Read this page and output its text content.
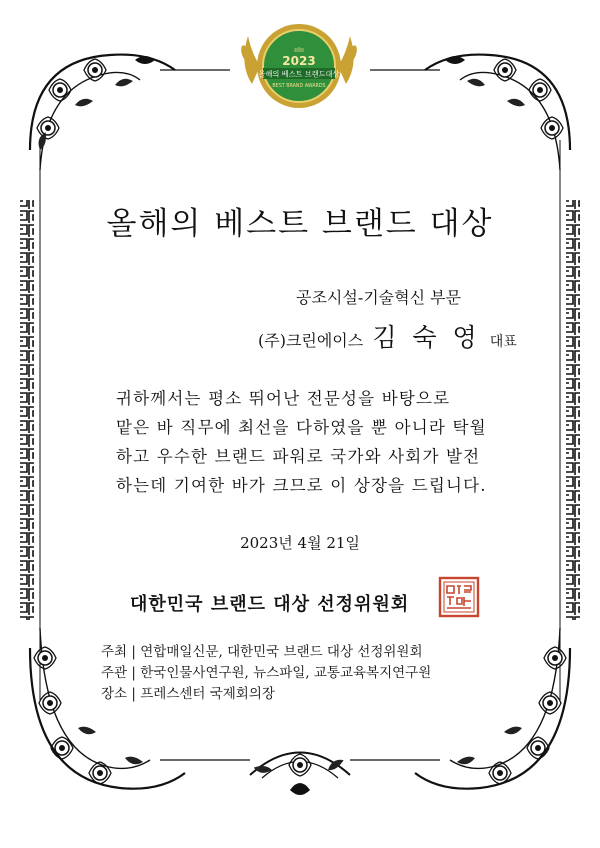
ııIıı
2023
올해의 베스트 브랜드대상
BEST BRAND AWARDS
올해의 베스트 브랜드 대상
공조시설-기술혁신 부문
(주)크린에이스 김 숙 영 대표
귀하께서는 평소 뛰어난 전문성을 바탕으로
맡은 바 직무에 최선을 다하였을 뿐 아니라 탁월
하고 우수한 브랜드 파워로 국가와 사회가 발전
하는데 기여한 바가 크므로 이 상장을 드립니다.
2023년 4월 21일
대한민국 브랜드 대상 선정위원회
주최 | 연합매일신문, 대한민국 브랜드 대상 선정위원회
주관 | 한국인물사연구원, 뉴스파일, 교통교육복지연구원
장소 | 프레스센터 국제회의장
